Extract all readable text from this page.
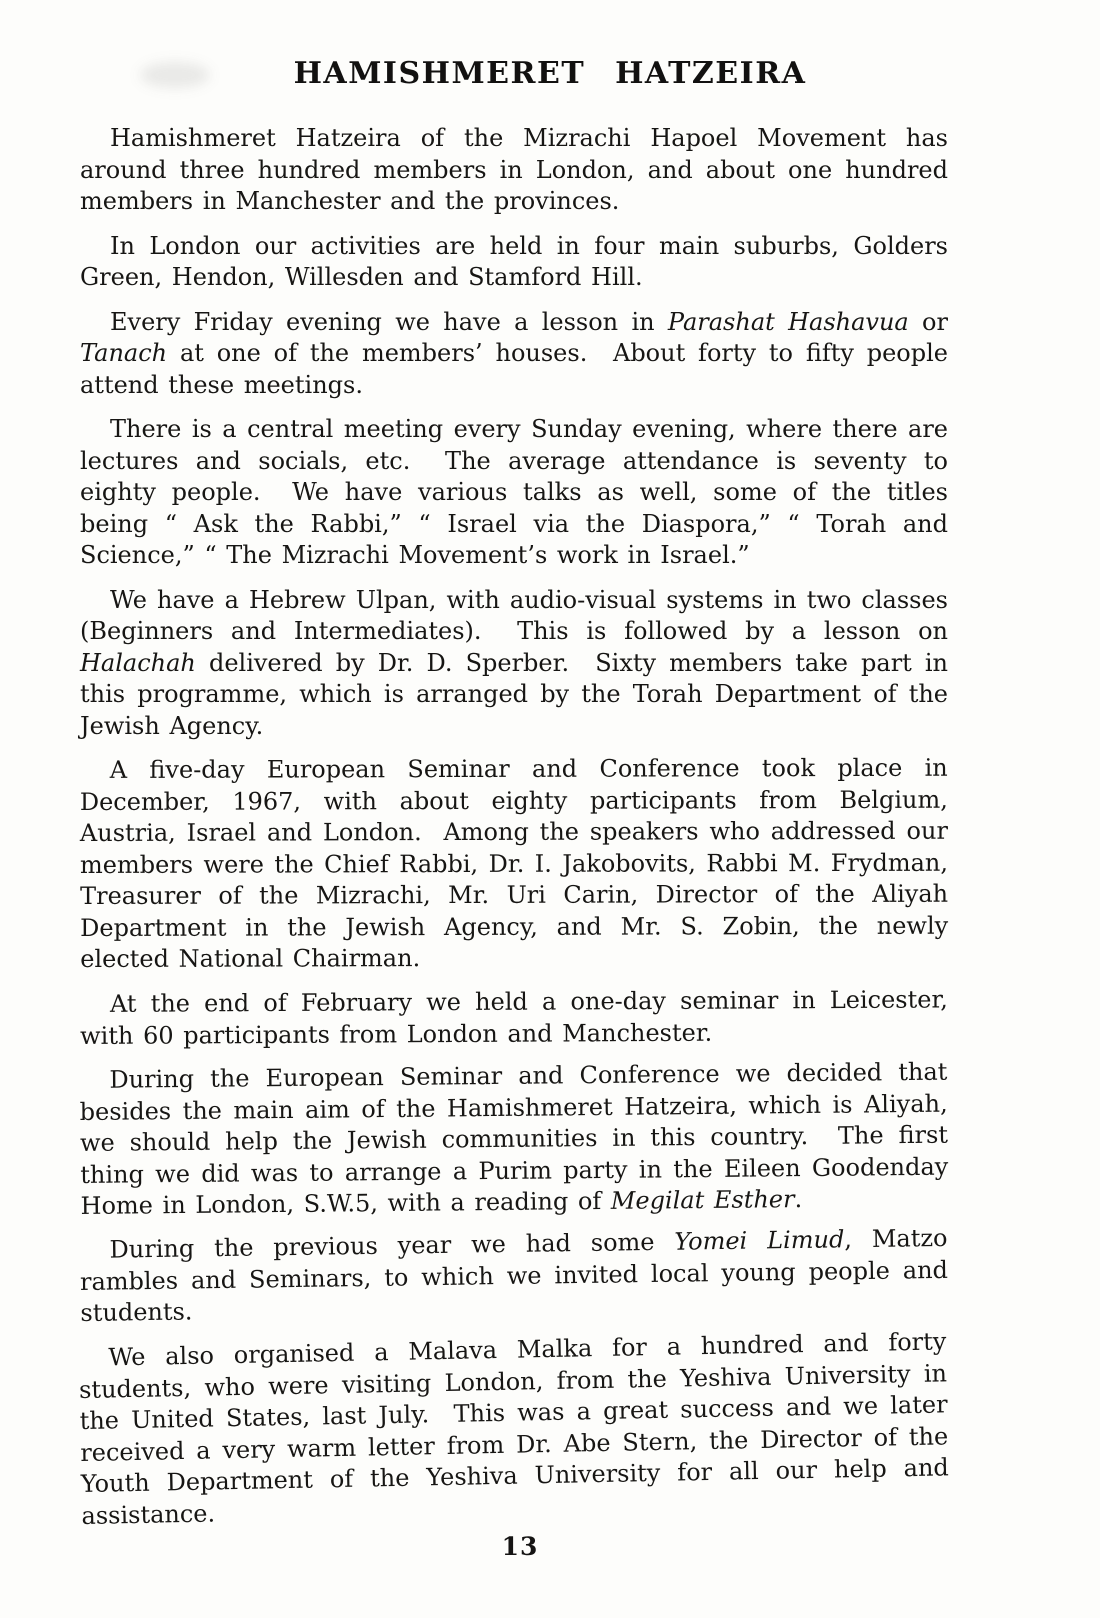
HAMISHMERET HATZEIRA

Hamishmeret Hatzeira of the Mizrachi Hapoel Movement has around three hundred members in London, and about one hundred members in Manchester and the provinces.

In London our activities are held in four main suburbs, Golders Green, Hendon, Willesden and Stamford Hill.

Every Friday evening we have a lesson in Parashat Hashavua or Tanach at one of the members’ houses.  About forty to fifty people attend these meetings.

There is a central meeting every Sunday evening, where there are lectures and socials, etc.  The average attendance is seventy to eighty people.  We have various talks as well, some of the titles being “ Ask the Rabbi,” “ Israel via the Diaspora,” “ Torah and Science,” “ The Mizrachi Movement’s work in Israel.”

We have a Hebrew Ulpan, with audio-visual systems in two classes (Beginners and Intermediates).  This is followed by a lesson on Halachah delivered by Dr. D. Sperber.  Sixty members take part in this programme, which is arranged by the Torah Department of the Jewish Agency.

A five-day European Seminar and Conference took place in December, 1967, with about eighty participants from Belgium, Austria, Israel and London.  Among the speakers who addressed our members were the Chief Rabbi, Dr. I. Jakobovits, Rabbi M. Frydman, Treasurer of the Mizrachi, Mr. Uri Carin, Director of the Aliyah Department in the Jewish Agency, and Mr. S. Zobin, the newly elected National Chairman.

At the end of February we held a one-day seminar in Leicester, with 60 participants from London and Manchester.

During the European Seminar and Conference we decided that besides the main aim of the Hamishmeret Hatzeira, which is Aliyah, we should help the Jewish communities in this country.  The first thing we did was to arrange a Purim party in the Eileen Goodenday Home in London, S.W.5, with a reading of Megilat Esther.

During the previous year we had some Yomei Limud, Matzo rambles and Seminars, to which we invited local young people and students.

We also organised a Malava Malka for a hundred and forty students, who were visiting London, from the Yeshiva University in the United States, last July.  This was a great success and we later received a very warm letter from Dr. Abe Stern, the Director of the Youth Department of the Yeshiva University for all our help and assistance.

13
